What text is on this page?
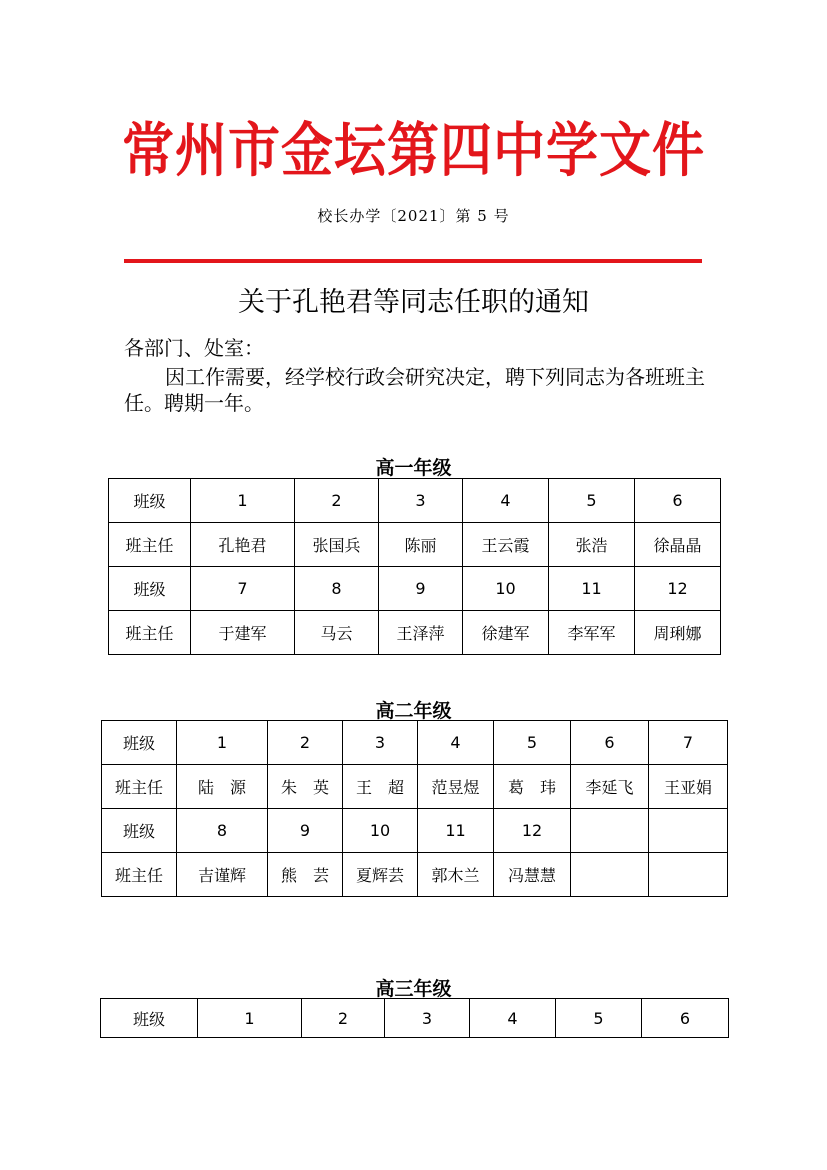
常州市金坛第四中学文件
校长办学〔2021〕第 5 号
关于孔艳君等同志任职的通知
各部门、处室：
因工作需要，经学校行政会研究决定，聘下列同志为各班班主任。聘期一年。
高一年级
班级	1	2	3	4	5	6
班主任	孔艳君	张国兵	陈丽	王云霞	张浩	徐晶晶
班级	7	8	9	10	11	12
班主任	于建军	马云	王泽萍	徐建军	李军军	周琍娜
高二年级
班级	1	2	3	4	5	6	7
班主任	陆　源	朱　英	王　超	范昱煜	葛　玮	李延飞	王亚娟
班级	8	9	10	11	12		
班主任	吉谨辉	熊　芸	夏辉芸	郭木兰	冯慧慧		
高三年级
班级	1	2	3	4	5	6
